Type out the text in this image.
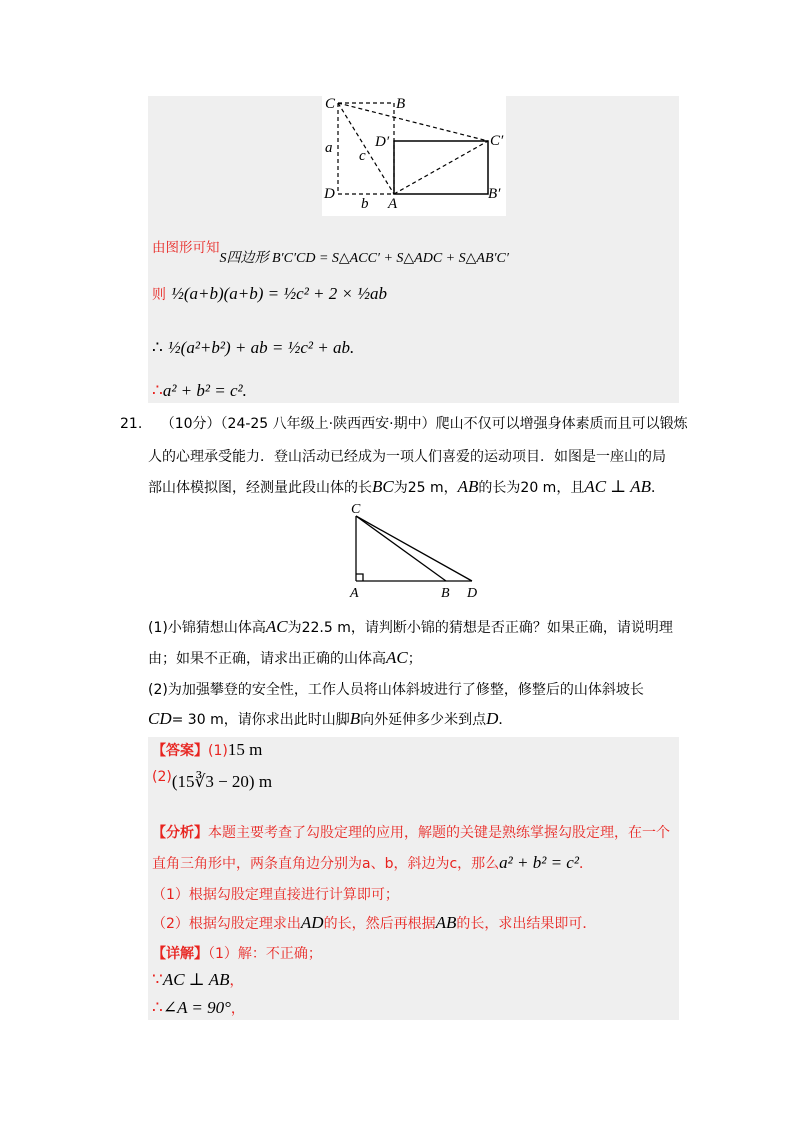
C	B
D′	C′
a c
D	B′
b A
由图形可知S四边形 B′C′CD = S△ACC′ + S△ADC + S△AB′C′
则 ½(a+b)(a+b) = ½c² + 2 × ½ab
∴ ½(a²+b²) + ab = ½c² + ab.
∴a² + b² = c².
21. （10分）（24-25 八年级上·陕西西安·期中）爬山不仅可以增强身体素质而且可以锻炼
人的心理承受能力．登山活动已经成为一项人们喜爱的运动项目．如图是一座山的局
部山体模拟图，经测量此段山体的长BC为25 m，AB的长为20 m，且AC ⊥ AB．
C
A	B D
(1)小锦猜想山体高AC为22.5 m，请判断小锦的猜想是否正确？如果正确，请说明理
由；如果不正确，请求出正确的山体高AC；
(2)为加强攀登的安全性，工作人员将山体斜坡进行了修整，修整后的山体斜坡长
CD= 30 m，请你求出此时山脚B向外延伸多少米到点D．
【答案】(1)15 m
(2)(15∛3 − 20) m
【分析】本题主要考查了勾股定理的应用，解题的关键是熟练掌握勾股定理，在一个
直角三角形中，两条直角边分别为a、b，斜边为c，那么a² + b² = c²．
（1）根据勾股定理直接进行计算即可；
（2）根据勾股定理求出AD的长，然后再根据AB的长，求出结果即可．
【详解】（1）解：不正确；
∵AC ⊥ AB，
∴∠A = 90°，
